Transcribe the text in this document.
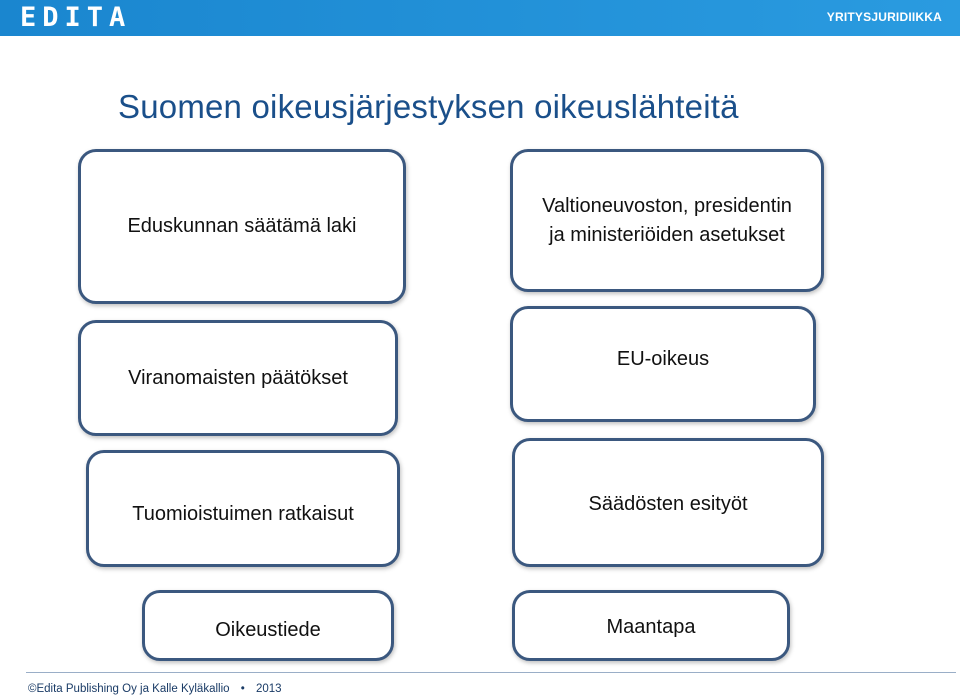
EDITA	YRITYSJURIDIIKKA
Suomen oikeusjärjestyksen oikeuslähteitä
Eduskunnan säätämä laki
Valtioneuvoston, presidentin
ja ministeriöiden asetukset
Viranomaisten päätökset
EU-oikeus
Tuomioistuimen ratkaisut	Säädösten esityöt
Oikeustiede	Maantapa
©Edita Publishing Oy ja Kalle Kyläkallio • 2013
